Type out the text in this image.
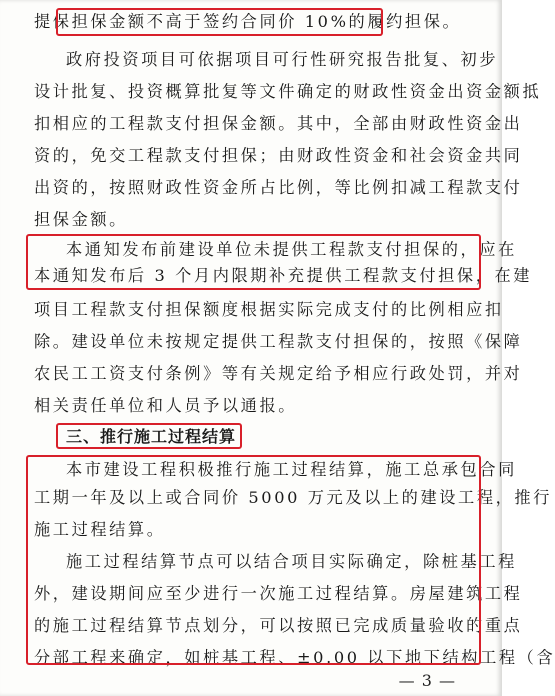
提保担保金额不高于签约合同价 10%的履约担保。
政府投资项目可依据项目可行性研究报告批复、初步
设计批复、投资概算批复等文件确定的财政性资金出资金额抵
扣相应的工程款支付担保金额。其中，全部由财政性资金出
资的，免交工程款支付担保；由财政性资金和社会资金共同
出资的，按照财政性资金所占比例，等比例扣减工程款支付
担保金额。
本通知发布前建设单位未提供工程款支付担保的，应在
本通知发布后 3 个月内限期补充提供工程款支付担保，在建
项目工程款支付担保额度根据实际完成支付的比例相应扣
除。建设单位未按规定提供工程款支付担保的，按照《保障
农民工工资支付条例》等有关规定给予相应行政处罚，并对
相关责任单位和人员予以通报。
三、推行施工过程结算
本市建设工程积极推行施工过程结算，施工总承包合同
工期一年及以上或合同价 5000 万元及以上的建设工程，推行
施工过程结算。
施工过程结算节点可以结合项目实际确定，除桩基工程
外，建设期间应至少进行一次施工过程结算。房屋建筑工程
的施工过程结算节点划分，可以按照已完成质量验收的重点
分部工程来确定，如桩基工程、±0.00 以下地下结构工程（含
— 3 —
